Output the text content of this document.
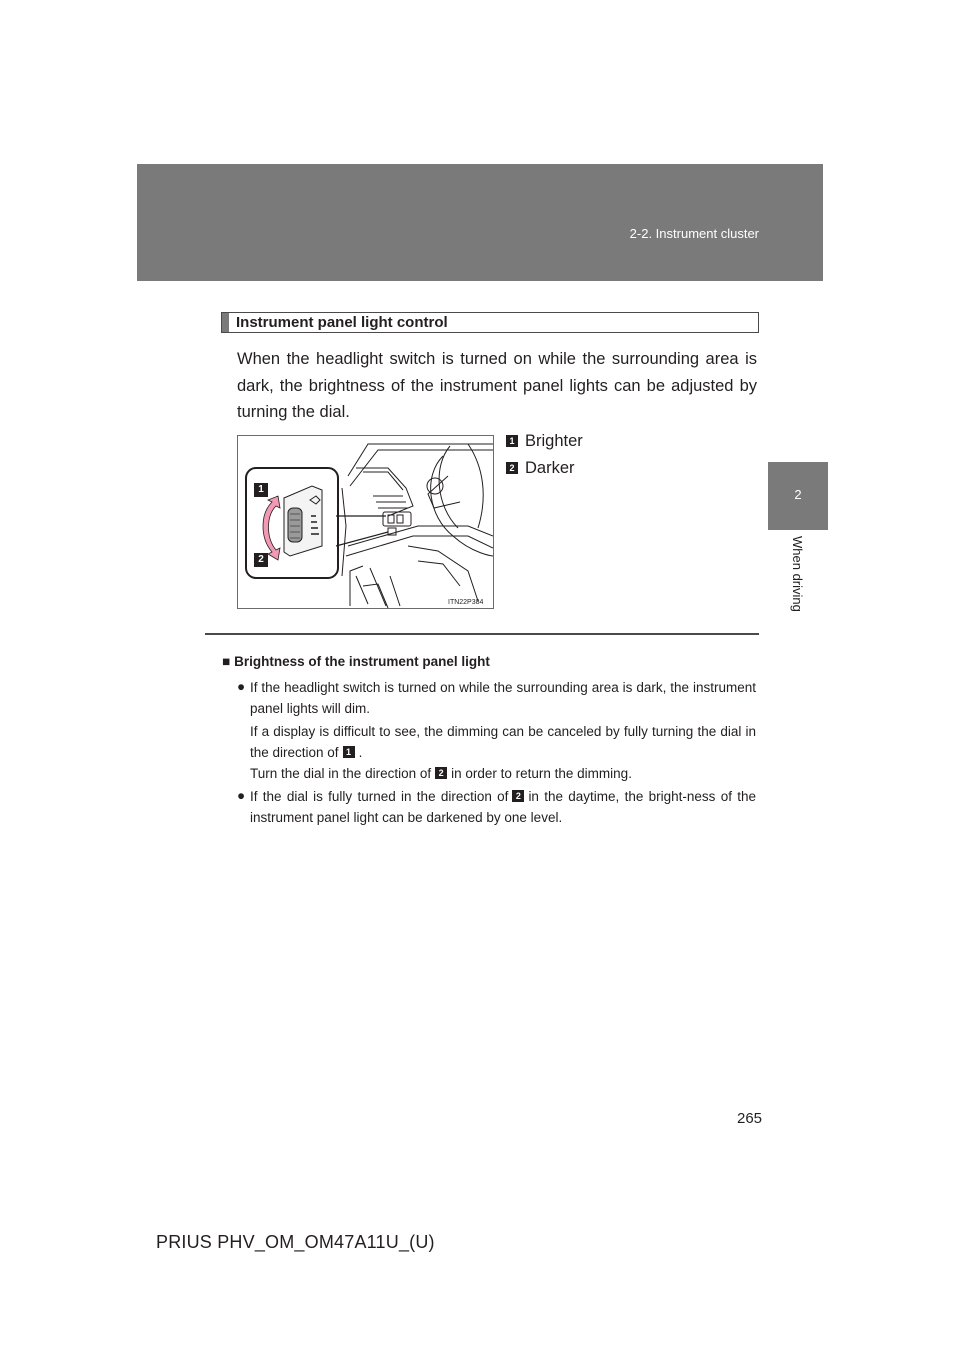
2-2. Instrument cluster
2
When driving
Instrument panel light control
When the headlight switch is turned on while the surrounding area is dark, the brightness of the instrument panel lights can be adjusted by turning the dial.
1
2
ITN22P384
1 Brighter
2 Darker
■ Brightness of the instrument panel light
● If the headlight switch is turned on while the surrounding area is dark, the instrument panel lights will dim.
If a display is difficult to see, the dimming can be canceled by fully turning the dial in the direction of 1 .
Turn the dial in the direction of 2 in order to return the dimming.
● If the dial is fully turned in the direction of 2 in the daytime, the bright-ness of the instrument panel light can be darkened by one level.
265
PRIUS PHV_OM_OM47A11U_(U)
